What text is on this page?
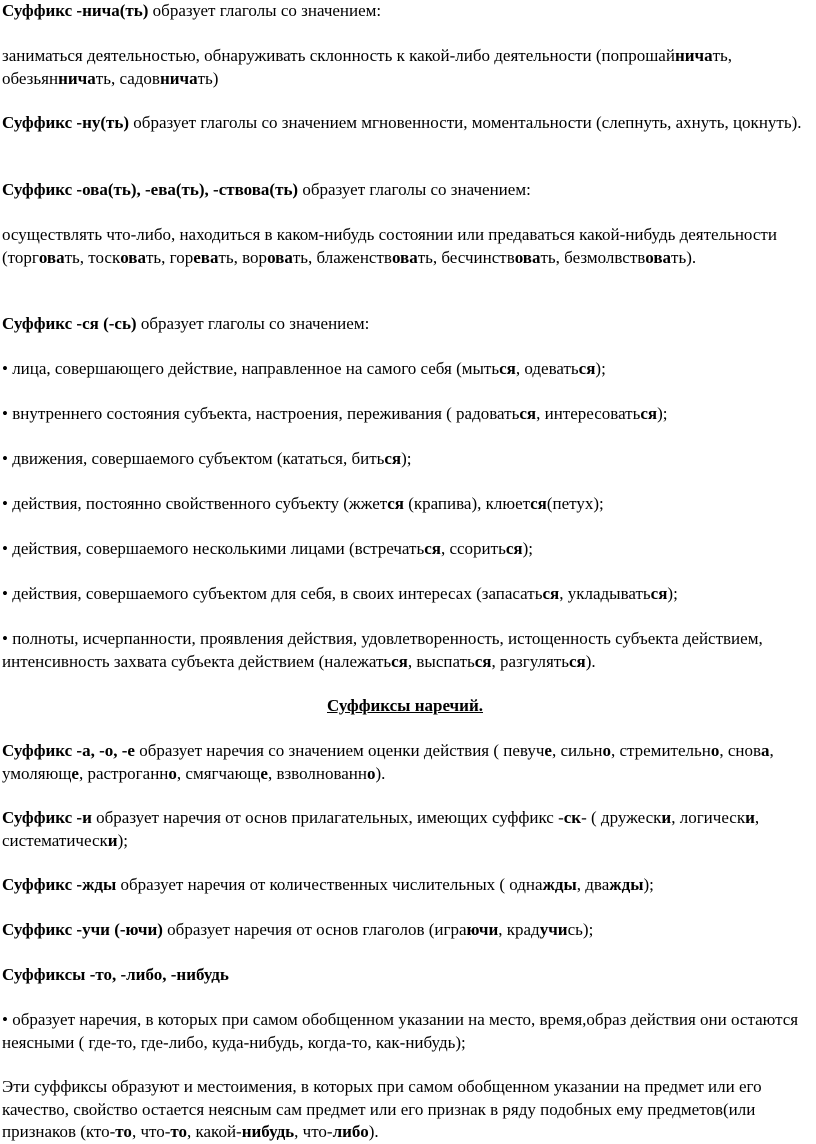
Суффикс -нича(ть) образует глаголы со значением:

заниматься деятельностью, обнаруживать склонность к какой-либо деятельности (попрошайничать, обезьянничать, садовничать)

Суффикс -ну(ть) образует глаголы со значением мгновенности, моментальности (слепнуть, ахнуть, цокнуть).

Суффикс -ова(ть), -ева(ть), -ствова(ть) образует глаголы со значением:

осуществлять что-либо, находиться в каком-нибудь состоянии или предаваться какой-нибудь деятельности (торговать, тосковать, горевать, воровать, блаженствовать, бесчинствовать, безмолвствовать).

Суффикс -ся (-сь) образует глаголы со значением:

• лица, совершающего действие, направленное на самого себя (мыться, одеваться);

• внутреннего состояния субъекта, настроения, переживания ( радоваться, интересоваться);

• движения, совершаемого субъектом (кататься, биться);

• действия, постоянно свойственного субъекту (жжется (крапива), клюется(петух);

• действия, совершаемого несколькими лицами (встречаться, ссориться);

• действия, совершаемого субъектом для себя, в своих интересах (запасаться, укладываться);

• полноты, исчерпанности, проявления действия, удовлетворенность, истощенность субъекта действием, интенсивность захвата субъекта действием (належаться, выспаться, разгуляться).

Суффиксы наречий.

Суффикс -а, -о, -е образует наречия со значением оценки действия ( певуче, сильно, стремительно, снова, умоляюще, растроганно, смягчающе, взволнованно).

Суффикс -и образует наречия от основ прилагательных, имеющих суффикс -ск- ( дружески, логически, систематически);

Суффикс -жды образует наречия от количественных числительных ( однажды, дважды);

Суффикс -учи (-ючи) образует наречия от основ глаголов (играючи, крадучись);

Суффиксы -то, -либо, -нибудь

• образует наречия, в которых при самом обобщенном указании на место, время,образ действия они остаются неясными ( где-то, где-либо, куда-нибудь, когда-то, как-нибудь);

Эти суффиксы образуют и местоимения, в которых при самом обобщенном указании на предмет или его качество, свойство остается неясным сам предмет или его признак в ряду подобных ему предметов(или признаков (кто-то, что-то, какой-нибудь, что-либо).
